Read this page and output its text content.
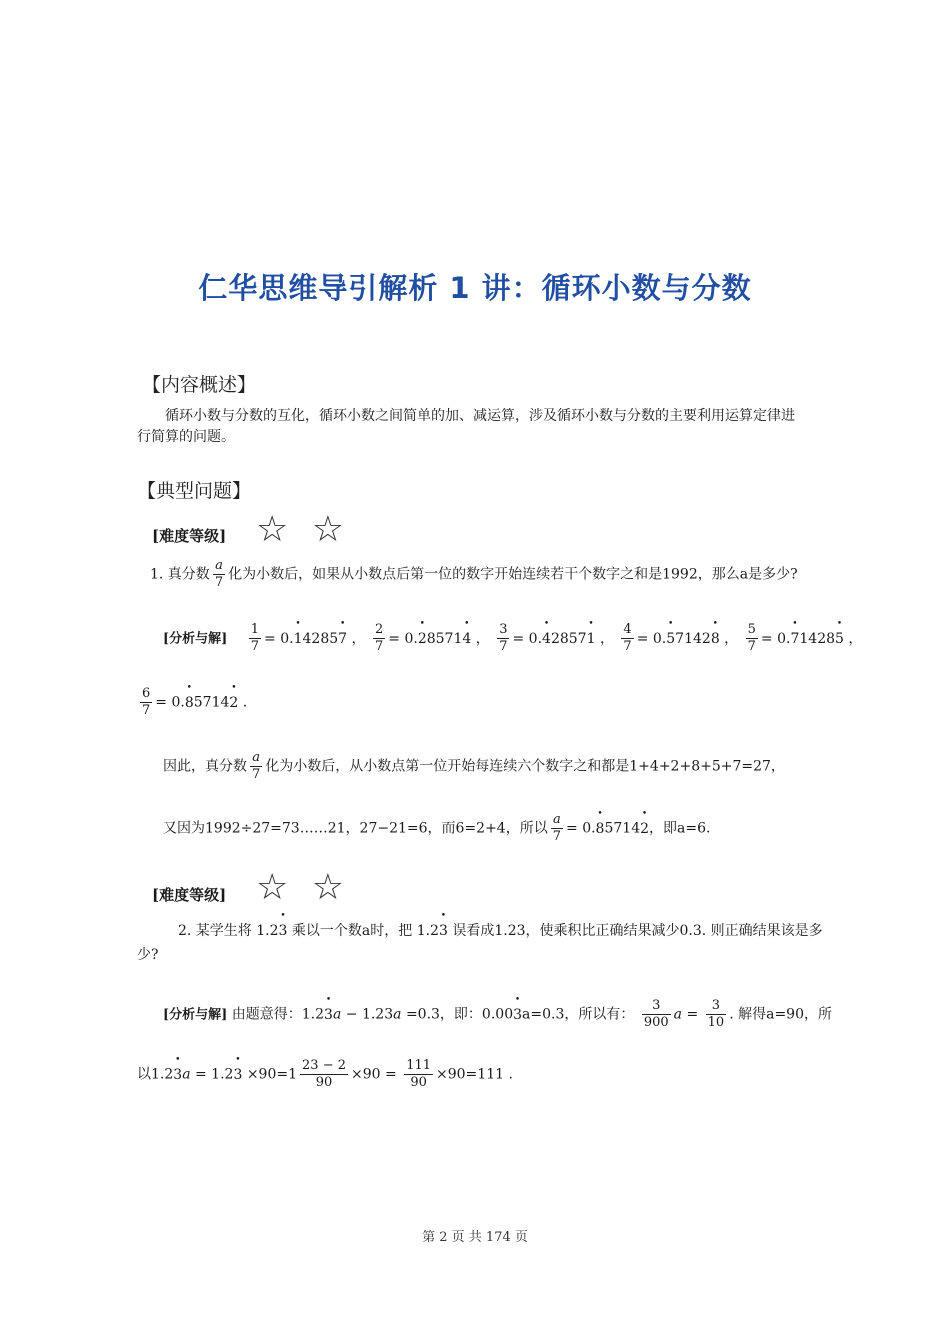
仁华思维导引解析 1 讲：循环小数与分数
【内容概述】
循环小数与分数的互化，循环小数之间简单的加、减运算，涉及循环小数与分数的主要利用运算定律进
行简算的问题。
【典型问题】
[难度等级] ☆ ☆
1. 真分数 $\frac{a}{7}$ 化为小数后，如果从小数点后第一位的数字开始连续若干个数字之和是1992，那么a是多少?
[分析与解] $\frac{1}{7}$ = 0.• 14285• 7 ， $\frac{2}{7}$ = 0.• 28571• 4 ， $\frac{3}{7}$ = 0.• 42857• 1 ， $\frac{4}{7}$ = 0.• 57142• 8 ， $\frac{5}{7}$ = 0.• 71428• 5 ，
$\frac{6}{7}$ = 0.• 85714• 2 .
因此，真分数 $\frac{a}{7}$ 化为小数后，从小数点第一位开始每连续六个数字之和都是1+4+2+8+5+7=27，
又因为1992÷27=73……21，27−21=6，而6=2+4，所以 $\frac{a}{7}$ = 0.• 85714• 2，即a=6.
[难度等级] ☆ ☆
2. 某学生将 1.2• 3 乘以一个数a时，把 1.2• 3 误看成1.23，使乘积比正确结果减少0.3. 则正确结果该是多
少?
[分析与解] 由题意得：1.2• 3a − 1.23a =0.3，即：0.00• 3a=0.3，所以有： $\frac{3}{900}$ $a = \frac{3}{10}$ . 解得a=90，所
以1.2• 3a = 1.2• $3 \times 90=1 \frac{23 - 2}{90} \times 90 = \frac{111}{90} \times 90=111$ .
第 2 页 共 174 页
